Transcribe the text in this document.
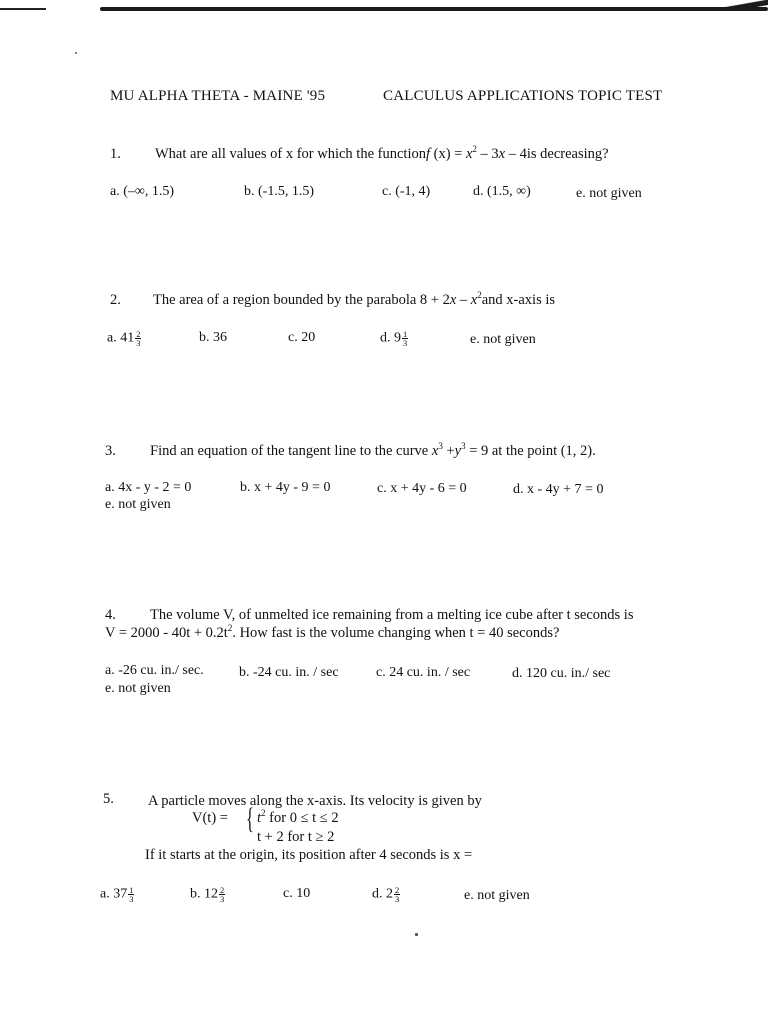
MU ALPHA THETA - MAINE '95	CALCULUS APPLICATIONS TOPIC TEST
1. What are all values of x for which the functionf $(x) = x^2 - 3x - 4is$ decreasing?
a. (–∞, 1.5)	b. (-1.5, 1.5)	c. (-1, 4)	d. (1.5, ∞)	e. not given
2. The area of a region bounded by the parabola $8 + 2x - x^2and$ x-axis is
a. $41 \frac{2}{3}$	b. 36	c. 20	d. $9 \frac{1}{3}$	e. not given
3. Find an equation of the tangent line to the curve $x^3 +y^3 = 9$ at the point (1, 2).
a. 4x - y - 2 = 0	b. x + 4y - 9 = 0	c. x + 4y - 6 = 0	d. x - 4y + 7 = 0
e. not given
4. The volume V, of unmelted ice remaining from a melting ice cube after t seconds is
$V = 2000 - 40t + 0.2t^2$. How fast is the volume changing when t = 40 seconds?
a. -26 cu. in./ sec.	b. -24 cu. in. / sec	c. 24 cu. in. / sec	d. 120 cu. in./ sec
e. not given
5. A particle moves along the x-axis. Its velocity is given by
V(t) = { $t^2$ for 0 ≤ t ≤ 2
t + 2 for t ≥ 2
If it starts at the origin, its position after 4 seconds is x =
a. $37 \frac{1}{3}$	b. $12 \frac{2}{3}$	c. 10	d. $2 \frac{2}{3}$	e. not given
